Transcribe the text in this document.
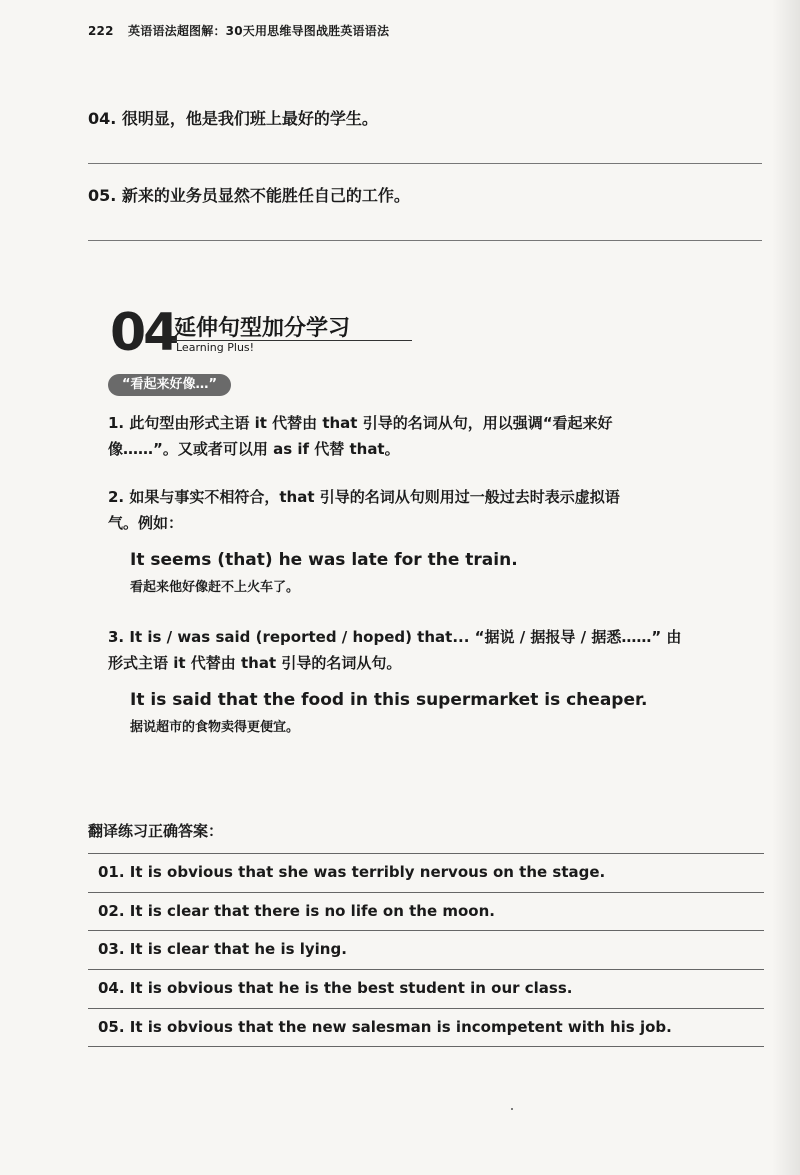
222 英语语法超图解：30天用思维导图战胜英语语法
04. 很明显，他是我们班上最好的学生。
05. 新来的业务员显然不能胜任自己的工作。
04
延伸句型加分学习
Learning Plus!
“看起来好像…”
1. 此句型由形式主语 it 代替由 that 引导的名词从句，用以强调“看起来好
像……”。又或者可以用 as if 代替 that。
2. 如果与事实不相符合，that 引导的名词从句则用过一般过去时表示虚拟语
气。例如：
It seems (that) he was late for the train.
看起来他好像赶不上火车了。
3. It is / was said (reported / hoped) that... “据说 / 据报导 / 据悉……” 由
形式主语 it 代替由 that 引导的名词从句。
It is said that the food in this supermarket is cheaper.
据说超市的食物卖得更便宜。
翻译练习正确答案：
01. It is obvious that she was terribly nervous on the stage.
02. It is clear that there is no life on the moon.
03. It is clear that he is lying.
04. It is obvious that he is the best student in our class.
05. It is obvious that the new salesman is incompetent with his job.
